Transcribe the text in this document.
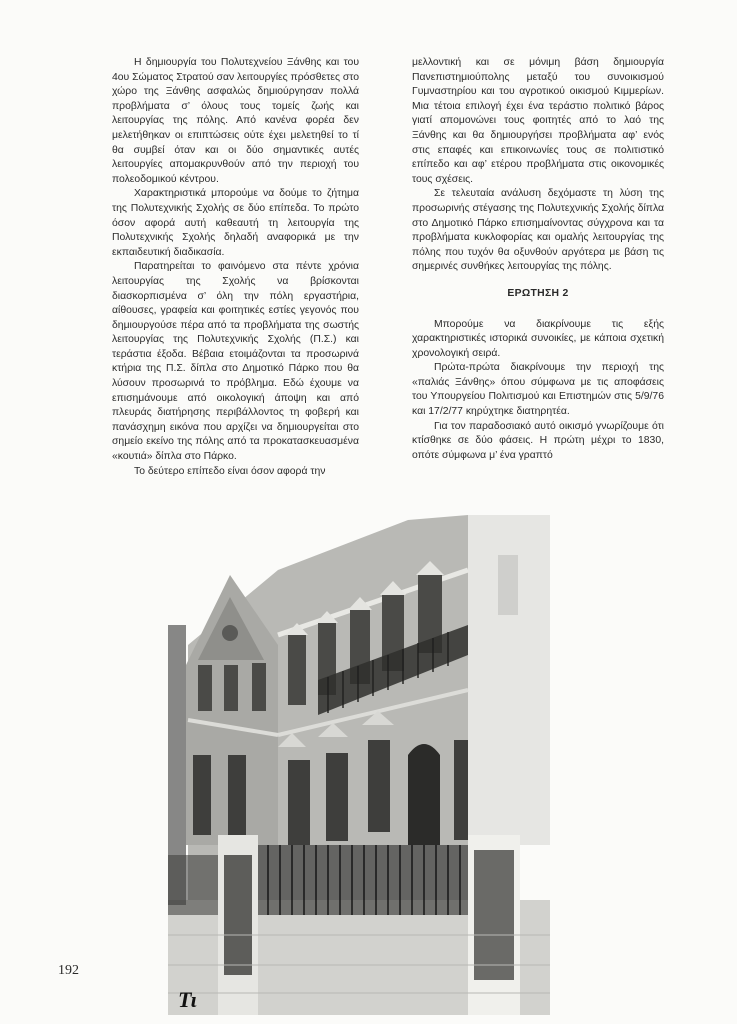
Η δημιουργία του Πολυτεχνείου Ξάνθης και του 4ου Σώματος Στρατού σαν λειτουργίες πρόσθετες στο χώρο της Ξάνθης ασφαλώς δημιούργησαν πολλά προβλήματα σ’ όλους τους τομείς ζωής και λειτουργίας της πόλης. Από κανένα φορέα δεν μελετήθηκαν οι επιπτώσεις ούτε έχει μελετηθεί το τί θα συμβεί όταν και οι δύο σημαντικές αυτές λειτουργίες απομακρυνθούν από την περιοχή του πολεοδομικού κέντρου.

Χαρακτηριστικά μπορούμε να δούμε το ζήτημα της Πολυτεχνικής Σχολής σε δύο επίπεδα. Το πρώτο όσον αφορά αυτή καθεαυτή τη λειτουργία της Πολυτεχνικής Σχολής δηλαδή αναφορικά με την εκπαιδευτική διαδικασία.

Παρατηρείται το φαινόμενο στα πέντε χρόνια λειτουργίας της Σχολής να βρίσκονται διασκορπισμένα σ’ όλη την πόλη εργαστήρια, αίθουσες, γραφεία και φοιτητικές εστίες γεγονός που δημιουργούσε πέρα από τα προβλήματα της σωστής λειτουργίας της Πολυτεχνικής Σχολής (Π.Σ.) και τεράστια έξοδα. Βέβαια ετοιμάζονται τα προσωρινά κτήρια της Π.Σ. δίπλα στο Δημοτικό Πάρκο που θα λύσουν προσωρινά το πρόβλημα. Εδώ έχουμε να επισημάνουμε από οικολογική άποψη και από πλευράς διατήρησης περιβάλλοντος τη φοβερή και πανάσχημη εικόνα που αρχίζει να δημιουργείται στο σημείο εκείνο της πόλης από τα προκατασκευασμένα «κουτιά» δίπλα στο Πάρκο.

Το δεύτερο επίπεδο είναι όσον αφορά την

μελλοντική και σε μόνιμη βάση δημιουργία Πανεπιστημιούπολης μεταξύ του συνοικισμού Γυμναστηρίου και του αγροτικού οικισμού Κιμμερίων. Μια τέτοια επιλογή έχει ένα τεράστιο πολιτικό βάρος γιατί απομονώνει τους φοιτητές από το λαό της Ξάνθης και θα δημιουργήσει προβλήματα αφ’ ενός στις επαφές και επικοινωνίες τους σε πολιτιστικό επίπεδο και αφ’ ετέρου προβλήματα στις οικονομικές τους σχέσεις.

Σε τελευταία ανάλυση δεχόμαστε τη λύση της προσωρινής στέγασης της Πολυτεχνικής Σχολής δίπλα στο Δημοτικό Πάρκο επισημαίνοντας σύγχρονα και τα προβλήματα κυκλοφορίας και ομαλής λειτουργίας της πόλης που τυχόν θα οξυνθούν αργότερα με βάση τις σημερινές συνθήκες λειτουργίας της πόλης.

ΕΡΩΤΗΣΗ 2

Μπορούμε να διακρίνουμε τις εξής χαρακτηριστικές ιστορικά συνοικίες, με κάποια σχετική χρονολογική σειρά.

Πρώτα-πρώτα διακρίνουμε την περιοχή της «παλιάς Ξάνθης» όπου σύμφωνα με τις αποφάσεις του Υπουργείου Πολιτισμού και Επιστημών στις 5/9/76 και 17/2/77 κηρύχτηκε διατηρητέα.

Για τον παραδοσιακό αυτό οικισμό γνωρίζουμε ότι κτίσθηκε σε δύο φάσεις. Η πρώτη μέχρι το 1830, οπότε σύμφωνα μ’ ένα γραπτό

Τι
192
